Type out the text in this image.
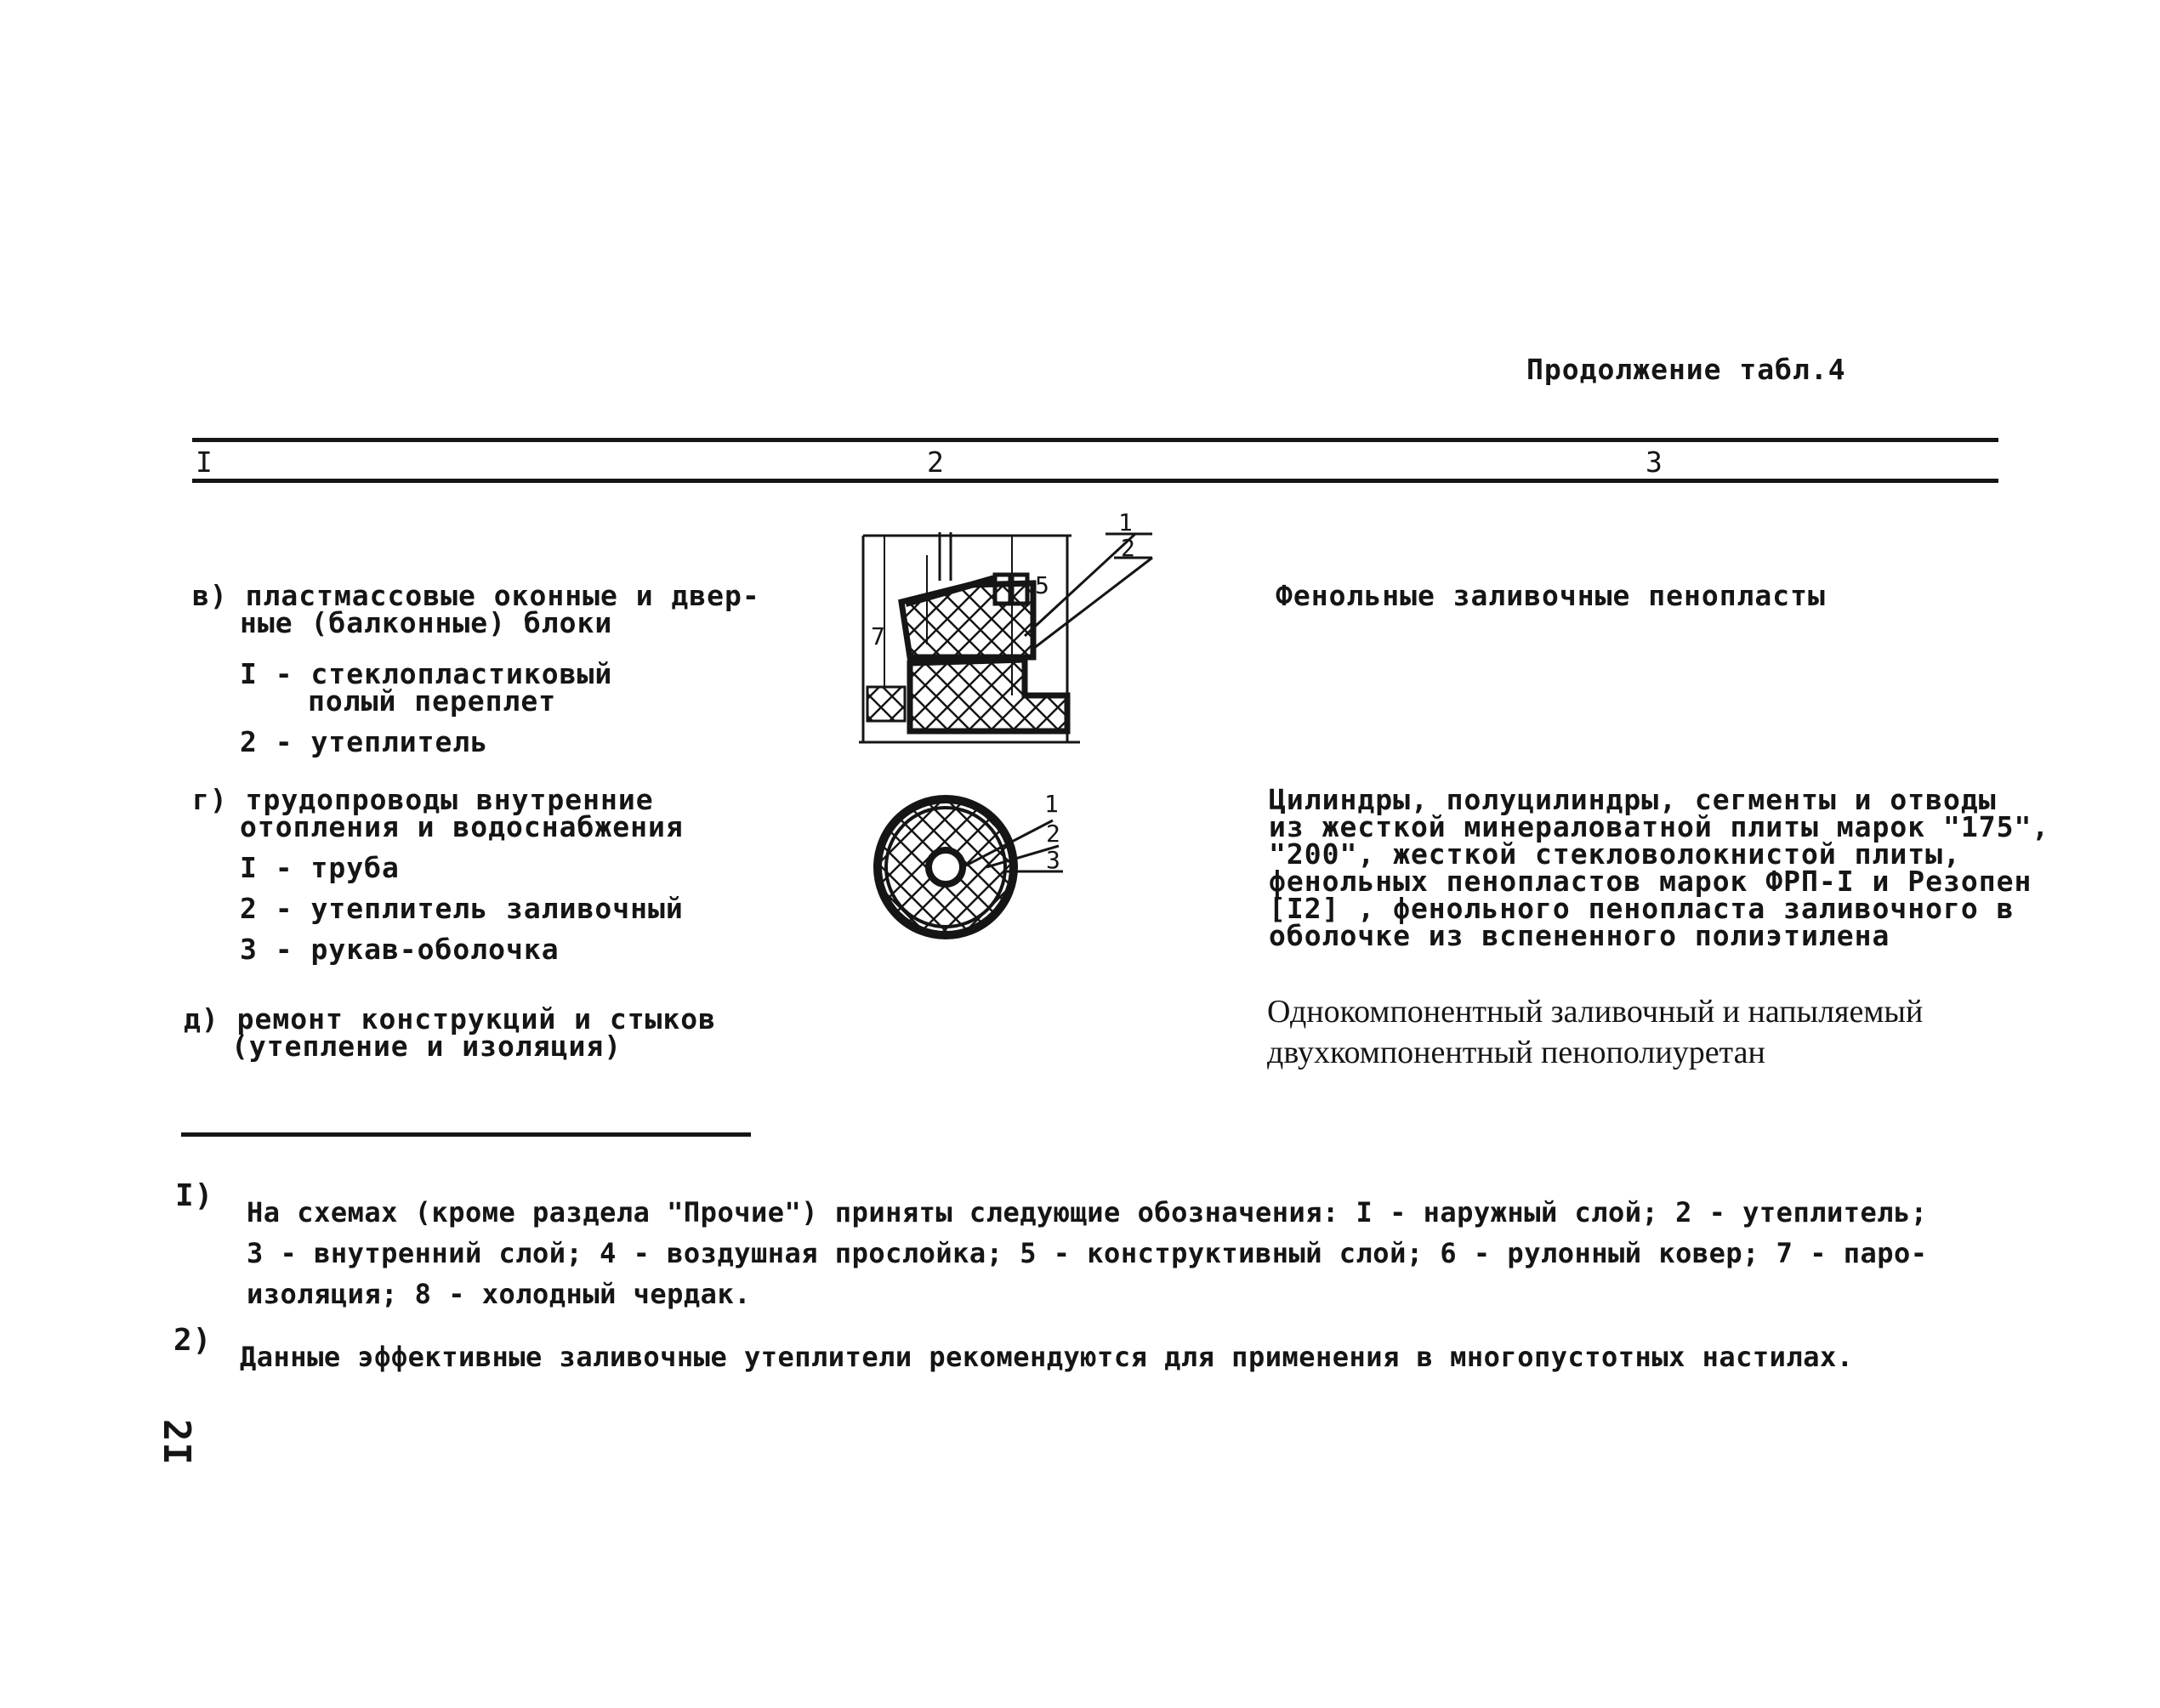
Продолжение табл.4
I	2	3
в) пластмассовые оконные и двер-
ные (балконные) блоки
I - стеклопластиковый
полый переплет
2 - утеплитель
Фенольные заливочные пенопласты
1
2
7
5
г) трудопроводы внутренние
отопления и водоснабжения
I - труба
2 - утеплитель заливочный
3 - рукав-оболочка
Цилиндры, полуцилиндры, сегменты и отводы
из жесткой минераловатной плиты марок "175",
"200", жесткой стекловолокнистой плиты,
фенольных пенопластов марок ФРП-I и Резопен
[I2] , фенольного пенопласта заливочного в
оболочке из вспененного полиэтилена
1
2
3
д) ремонт конструкций и стыков
(утепление и изоляция)
Однокомпонентный заливочный и напыляемый
двухкомпонентный пенополиуретан
I) На схемах (кроме раздела "Прочие") приняты следующие обозначения: I - наружный слой; 2 - утеплитель;
3 - внутренний слой; 4 - воздушная прослойка; 5 - конструктивный слой; 6 - рулонный ковер; 7 - паро-
изоляция; 8 - холодный чердак.
2) Данные эффективные заливочные утеплители рекомендуются для применения в многопустотных настилах.
2I
